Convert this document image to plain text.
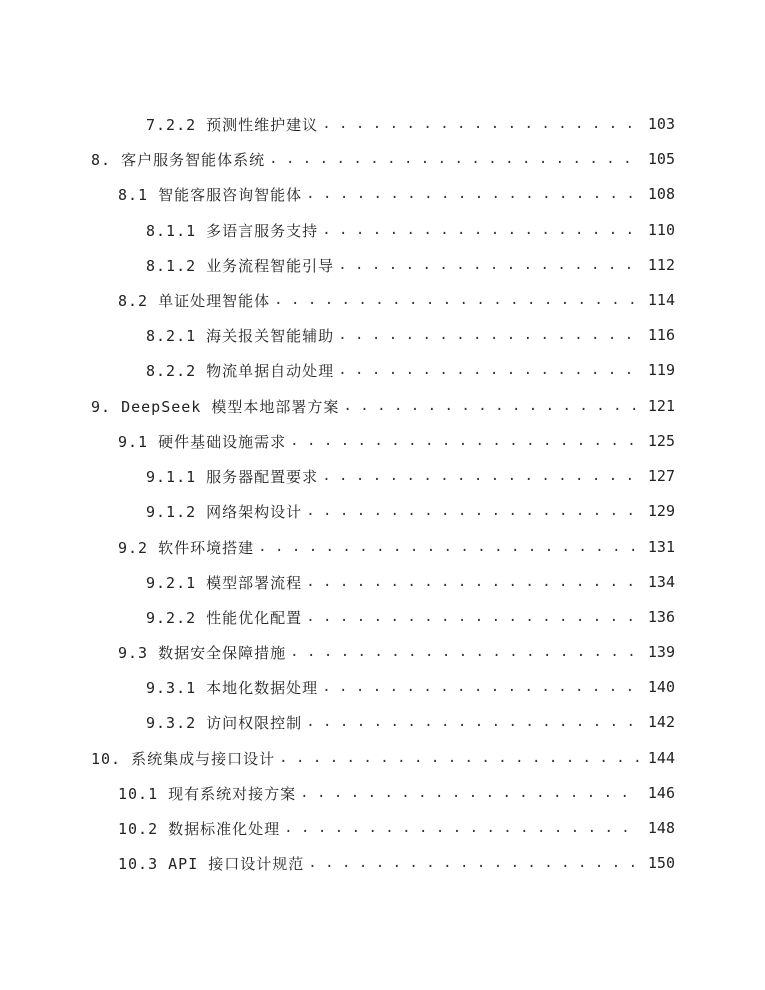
7.2.2 预测性维护建议 . . .	103
8. 客户服务智能体系统 . . .	105
8.1 智能客服咨询智能体 . . .	108
8.1.1 多语言服务支持 . . .	110
8.1.2 业务流程智能引导 . . .	112
8.2 单证处理智能体 . . .	114
8.2.1 海关报关智能辅助 . . .	116
8.2.2 物流单据自动处理 . . .	119
9. DeepSeek 模型本地部署方案 . . .	121
9.1 硬件基础设施需求 . . .	125
9.1.1 服务器配置要求 . . .	127
9.1.2 网络架构设计 . . .	129
9.2 软件环境搭建 . . .	131
9.2.1 模型部署流程 . . .	134
9.2.2 性能优化配置 . . .	136
9.3 数据安全保障措施 . . .	139
9.3.1 本地化数据处理 . . .	140
9.3.2 访问权限控制 . . .	142
10. 系统集成与接口设计 . . .	144
10.1 现有系统对接方案 . . .	146
10.2 数据标准化处理 . . .	148
10.3 API 接口设计规范 . . .	150
